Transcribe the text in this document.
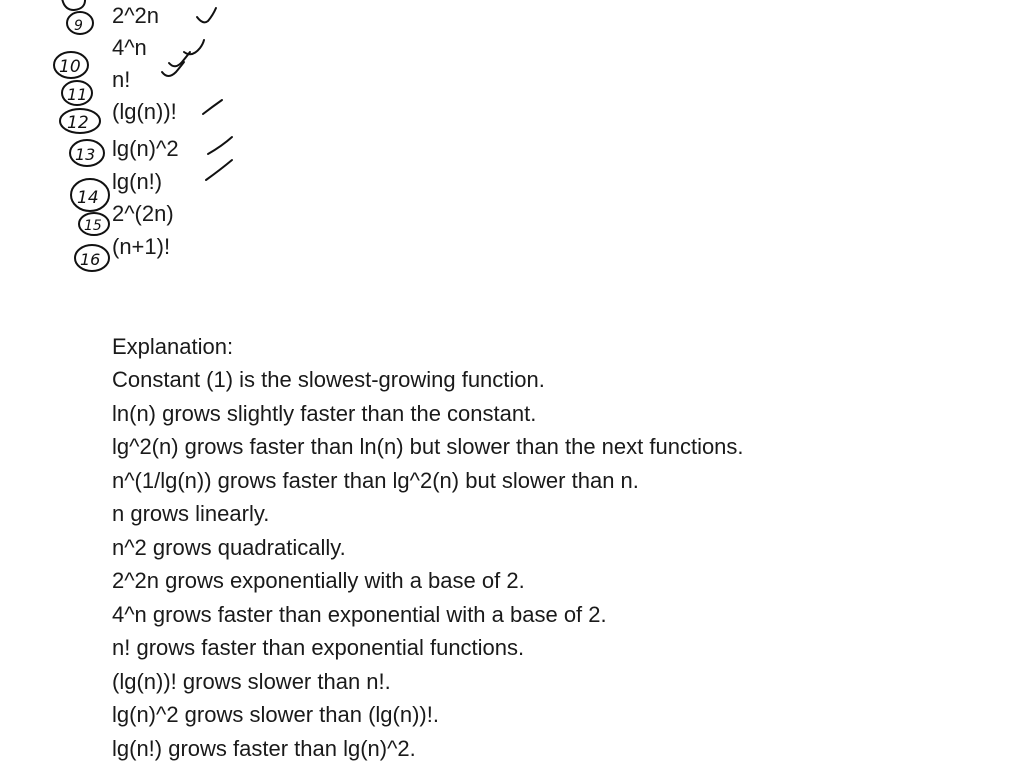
9
10
11
12
13
14
15
16
2^2n
4^n
n!
(lg(n))!
lg(n)^2
lg(n!)
2^(2n)
(n+1)!
Explanation:
Constant (1) is the slowest-growing function.
ln(n) grows slightly faster than the constant.
lg^2(n) grows faster than ln(n) but slower than the next functions.
n^(1/lg(n)) grows faster than lg^2(n) but slower than n.
n grows linearly.
n^2 grows quadratically.
2^2n grows exponentially with a base of 2.
4^n grows faster than exponential with a base of 2.
n! grows faster than exponential functions.
(lg(n))! grows slower than n!.
lg(n)^2 grows slower than (lg(n))!.
lg(n!) grows faster than lg(n)^2.
